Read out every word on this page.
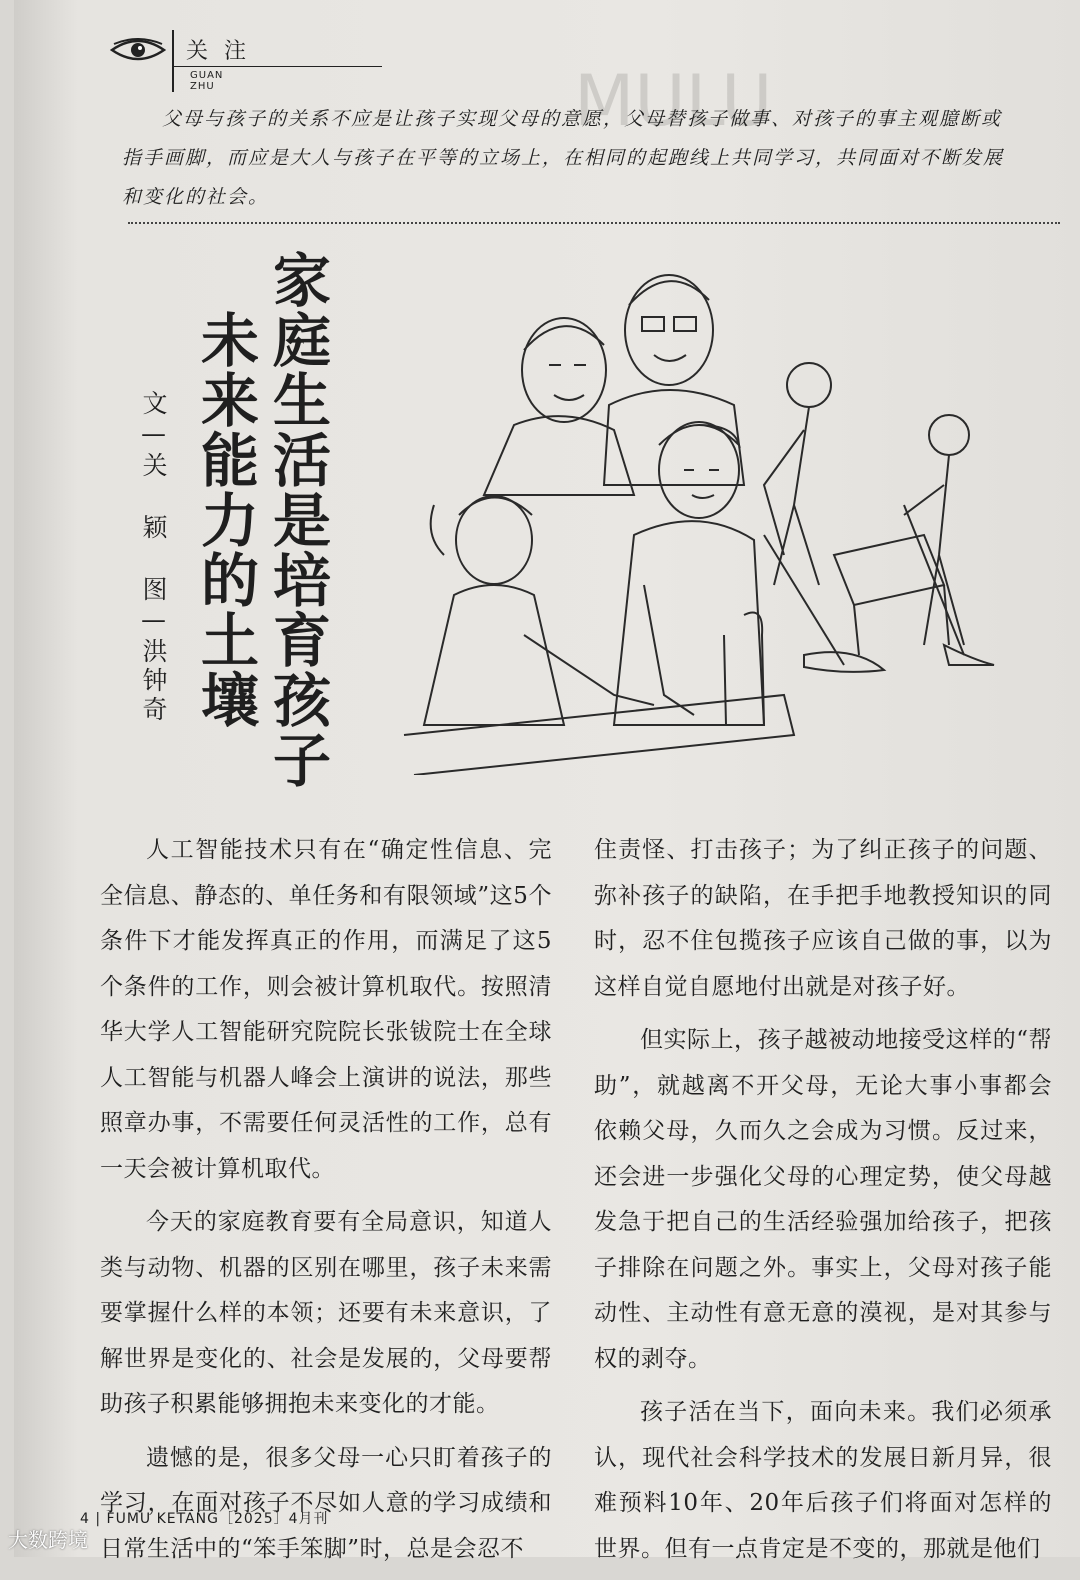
MULU
关注
GUAN ZHU
父母与孩子的关系不应是让孩子实现父母的意愿，父母替孩子做事、对孩子的事主观臆断或指手画脚，而应是大人与孩子在平等的立场上，在相同的起跑线上共同学习，共同面对不断发展和变化的社会。
家庭生活是培育孩子
未来能力的土壤
文—关 颖 图—洪钟奇

人工智能技术只有在“确定性信息、完全信息、静态的、单任务和有限领域”这5个条件下才能发挥真正的作用，而满足了这5个条件的工作，则会被计算机取代。按照清华大学人工智能研究院院长张钹院士在全球人工智能与机器人峰会上演讲的说法，那些照章办事，不需要任何灵活性的工作，总有一天会被计算机取代。

今天的家庭教育要有全局意识，知道人类与动物、机器的区别在哪里，孩子未来需要掌握什么样的本领；还要有未来意识，了解世界是变化的、社会是发展的，父母要帮助孩子积累能够拥抱未来变化的才能。

遗憾的是，很多父母一心只盯着孩子的学习，在面对孩子不尽如人意的学习成绩和日常生活中的“笨手笨脚”时，总是会忍不

住责怪、打击孩子；为了纠正孩子的问题、弥补孩子的缺陷，在手把手地教授知识的同时，忍不住包揽孩子应该自己做的事，以为这样自觉自愿地付出就是对孩子好。

但实际上，孩子越被动地接受这样的“帮助”，就越离不开父母，无论大事小事都会依赖父母，久而久之会成为习惯。反过来，还会进一步强化父母的心理定势，使父母越发急于把自己的生活经验强加给孩子，把孩子排除在问题之外。事实上，父母对孩子能动性、主动性有意无意的漠视，是对其参与权的剥夺。

孩子活在当下，面向未来。我们必须承认，现代社会科学技术的发展日新月异，很难预料10年、20年后孩子们将面对怎样的世界。但有一点肯定是不变的，那就是他们

4 | FUMU KETANG［2025］4月刊
大数跨境
